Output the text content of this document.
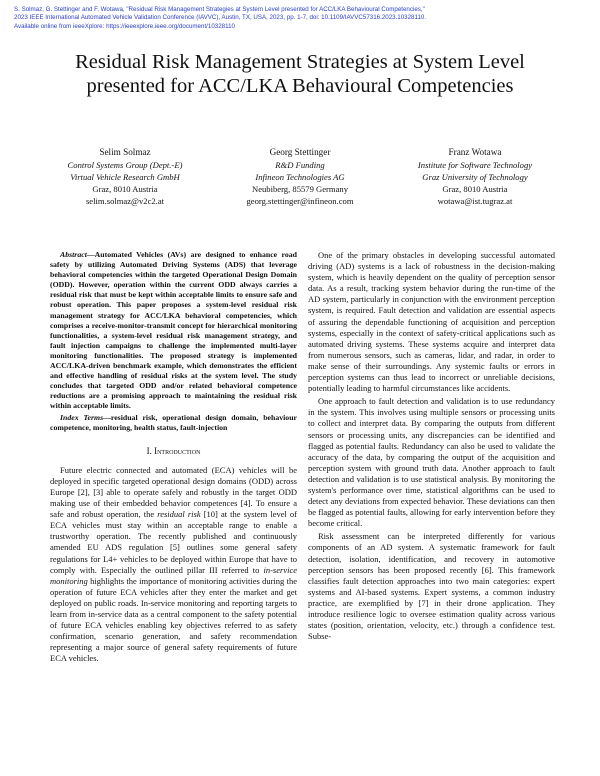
S. Solmaz, G. Stettinger and F. Wotawa, "Residual Risk Management Strategies at System Level presented for ACC/LKA Behavioural Competencies,"
2023 IEEE International Automated Vehicle Validation Conference (IAVVC), Austin, TX, USA, 2023, pp. 1-7, doi: 10.1109/IAVVC57316.2023.10328110.
Available online from ieeeXplore: https://ieeexplore.ieee.org/document/10328110
Residual Risk Management Strategies at System Level presented for ACC/LKA Behavioural Competencies
Selim Solmaz
Control Systems Group (Dept.-E)
Virtual Vehicle Research GmbH
Graz, 8010 Austria
selim.solmaz@v2c2.at
Georg Stettinger
R&D Funding
Infineon Technologies AG
Neubiberg, 85579 Germany
georg.stettinger@infineon.com
Franz Wotawa
Institute for Software Technology
Graz University of Technology
Graz, 8010 Austria
wotawa@ist.tugraz.at

Abstract—Automated Vehicles (AVs) are designed to enhance road safety by utilizing Automated Driving Systems (ADS) that leverage behavioral competencies within the targeted Operational Design Domain (ODD). However, operation within the current ODD always carries a residual risk that must be kept within acceptable limits to ensure safe and robust operation. This paper proposes a system-level residual risk management strategy for ACC/LKA behavioral competencies, which comprises a receive-monitor-transmit concept for hierarchical monitoring functionalities, a system-level residual risk management strategy, and fault injection campaigns to challenge the implemented multi-layer monitoring functionalities. The proposed strategy is implemented ACC/LKA-driven benchmark example, which demonstrates the efficient and effective handling of residual risks at the system level. The study concludes that targeted ODD and/or related behavioral competence reductions are a promising approach to maintaining the residual risk within acceptable limits.

Index Terms—residual risk, operational design domain, behaviour competence, monitoring, health status, fault-injection

I. Introduction

Future electric connected and automated (ECA) vehicles will be deployed in specific targeted operational design domains (ODD) across Europe [2], [3] able to operate safely and robustly in the target ODD making use of their embedded behavior competences [4]. To ensure a safe and robust operation, the residual risk [10] at the system level of ECA vehicles must stay within an acceptable range to enable a trustworthy operation. The recently published and continuously amended EU ADS regulation [5] outlines some general safety regulations for L4+ vehicles to be deployed within Europe that have to comply with. Especially the outlined pillar III referred to in-service monitoring highlights the importance of monitoring activities during the operation of future ECA vehicles after they enter the market and get deployed on public roads. In-service monitoring and reporting targets to learn from in-service data as a central component to the safety potential of future ECA vehicles enabling key objectives referred to as safety confirmation, scenario generation, and safety recommendation representing a major source of general safety requirements of future ECA vehicles.

One of the primary obstacles in developing successful automated driving (AD) systems is a lack of robustness in the decision-making system, which is heavily dependent on the quality of perception sensor data. As a result, tracking system behavior during the run-time of the AD system, particularly in conjunction with the environment perception system, is required. Fault detection and validation are essential aspects of assuring the dependable functioning of acquisition and perception systems, especially in the context of safety-critical applications such as automated driving systems. These systems acquire and interpret data from numerous sensors, such as cameras, lidar, and radar, in order to make sense of their surroundings. Any systemic faults or errors in perception systems can thus lead to incorrect or unreliable decisions, potentially leading to harmful circumstances like accidents.

One approach to fault detection and validation is to use redundancy in the system. This involves using multiple sensors or processing units to collect and interpret data. By comparing the outputs from different sensors or processing units, any discrepancies can be identified and flagged as potential faults. Redundancy can also be used to validate the accuracy of the data, by comparing the output of the acquisition and perception system with ground truth data. Another approach to fault detection and validation is to use statistical analysis. By monitoring the system's performance over time, statistical algorithms can be used to detect any deviations from expected behavior. These deviations can then be flagged as potential faults, allowing for early intervention before they become critical.

Risk assessment can be interpreted differently for various components of an AD system. A systematic framework for fault detection, isolation, identification, and recovery in automotive perception sensors has been proposed recently [6]. This framework classifies fault detection approaches into two main categories: expert systems and AI-based systems. Expert systems, a common industry practice, are exemplified by [7] in their drone application. They introduce resilience logic to oversee estimation quality across various states (position, orientation, velocity, etc.) through a confidence test. Subse-
